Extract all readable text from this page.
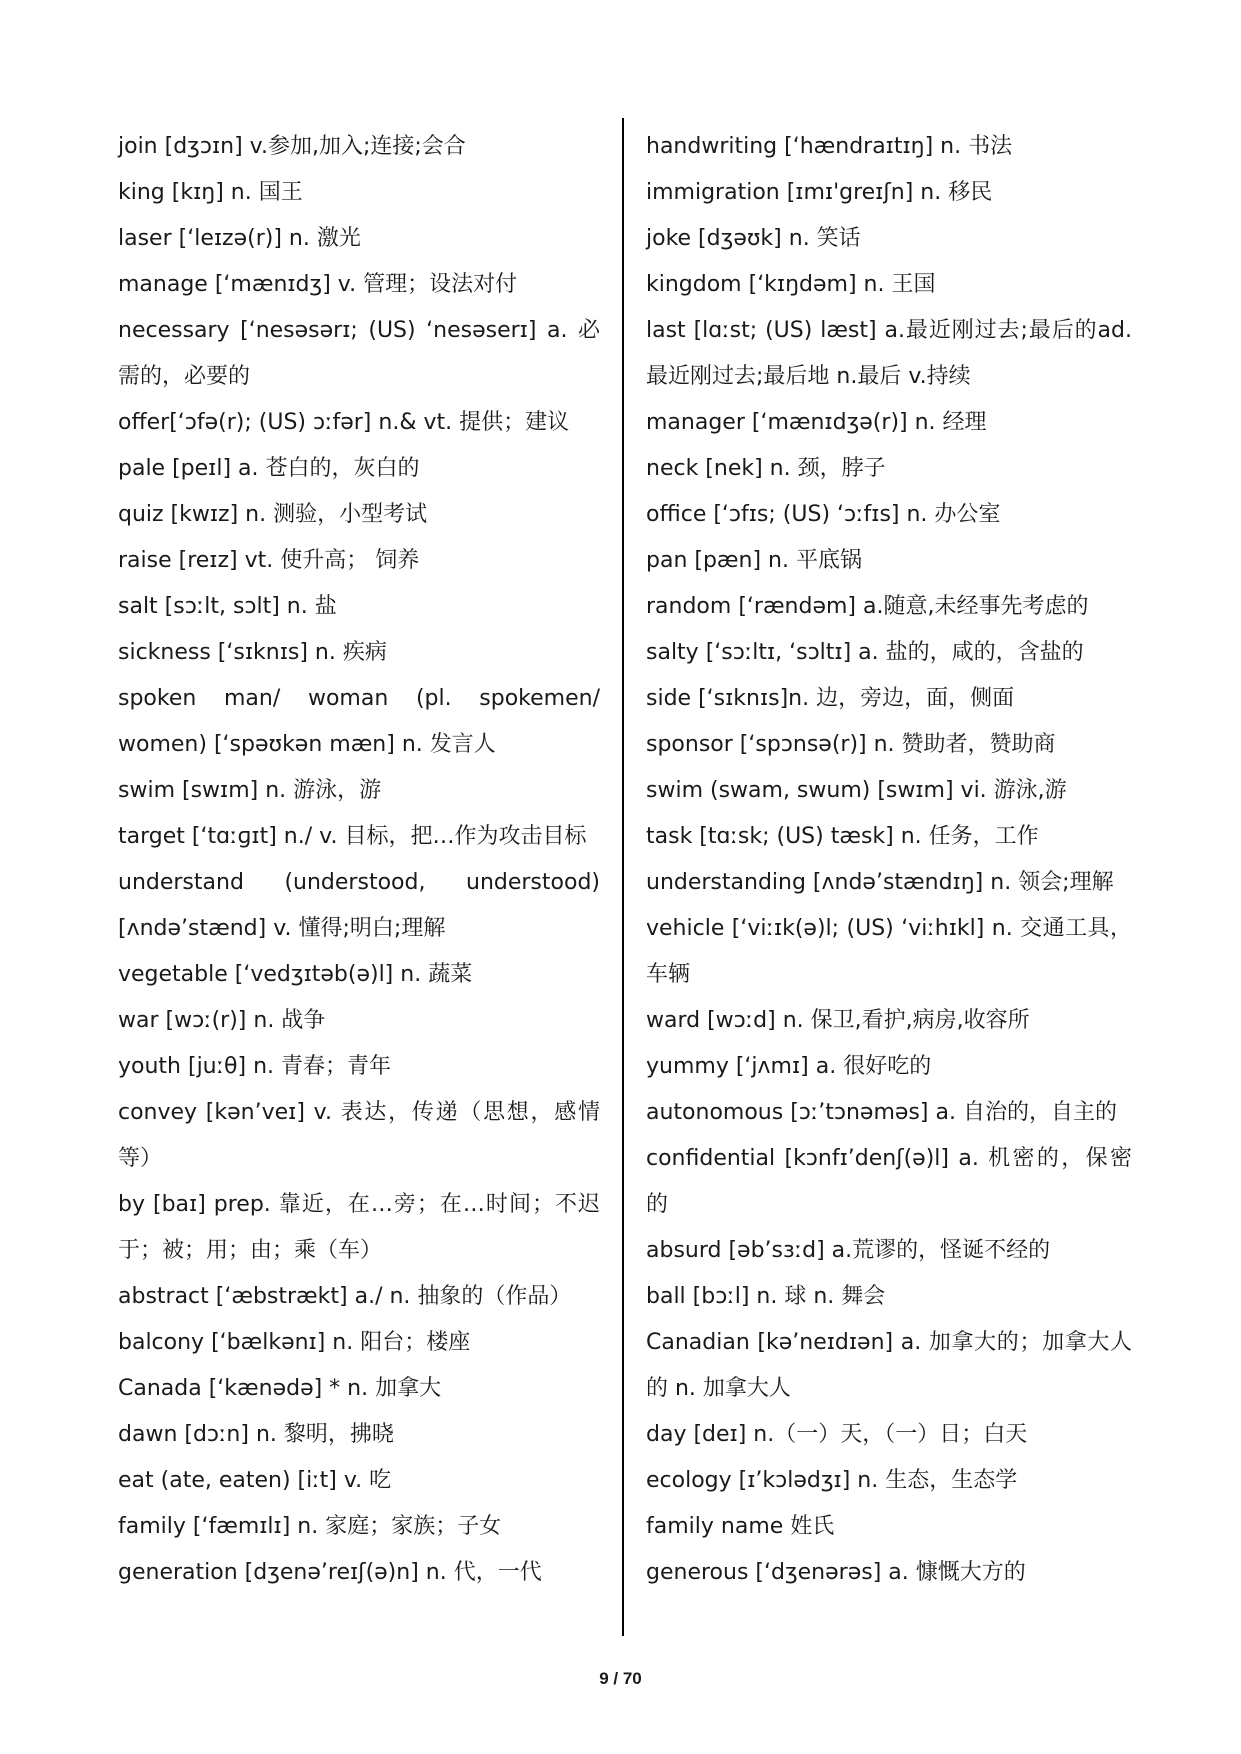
join [dʒɔɪn] v.参加,加入;连接;会合
king [kɪŋ] n. 国王
laser [‘leɪzə(r)] n. 激光
manage [‘mænɪdʒ] v. 管理；设法对付
necessary [‘nesəsərɪ; (US) ‘nesəserɪ] a. 必需的，必要的
offer[‘ɔfə(r); (US) ɔːfər] n.& vt. 提供；建议
pale [peɪl] a. 苍白的，灰白的
quiz [kwɪz] n. 测验，小型考试
raise [reɪz] vt. 使升高； 饲养
salt [sɔːlt, sɔlt] n. 盐
sickness [‘sɪknɪs] n. 疾病
spoken man/ woman (pl. spokemen/ women) [‘spəʊkən mæn] n. 发言人
swim [swɪm] n. 游泳，游
target [‘tɑːɡɪt] n./ v. 目标，把…作为攻击目标
understand (understood, understood) [ʌndə’stænd] v. 懂得;明白;理解
vegetable [‘vedʒɪtəb(ə)l] n. 蔬菜
war [wɔː(r)] n. 战争
youth [juːθ] n. 青春；青年
convey [kən’veɪ] v. 表达，传递（思想，感情等）
by [baɪ] prep. 靠近，在…旁；在…时间；不迟于；被；用；由；乘（车）
abstract [‘æbstrækt] a./ n. 抽象的（作品）
balcony [‘bælkənɪ] n. 阳台；楼座
Canada [‘kænədə] * n. 加拿大
dawn [dɔːn] n. 黎明，拂晓
eat (ate, eaten) [iːt] v. 吃
family [‘fæmɪlɪ] n. 家庭；家族；子女
generation [dʒenə’reɪʃ(ə)n] n. 代，一代
handwriting [‘hændraɪtɪŋ] n. 书法
immigration [ɪmɪ'greɪʃn] n. 移民
joke [dʒəʊk] n. 笑话
kingdom [‘kɪŋdəm] n. 王国
last [lɑːst; (US) læst] a.最近刚过去;最后的ad.最近刚过去;最后地 n.最后 v.持续
manager [‘mænɪdʒə(r)] n. 经理
neck [nek] n. 颈，脖子
office [‘ɔfɪs; (US) ‘ɔːfɪs] n. 办公室
pan [pæn] n. 平底锅
random [‘rændəm] a.随意,未经事先考虑的
salty [‘sɔːltɪ, ‘sɔltɪ] a. 盐的，咸的，含盐的
side [‘sɪknɪs]n. 边，旁边，面，侧面
sponsor [‘spɔnsə(r)] n. 赞助者，赞助商
swim (swam, swum) [swɪm] vi. 游泳,游
task [tɑːsk; (US) tæsk] n. 任务，工作
understanding [ʌndə’stændɪŋ] n. 领会;理解
vehicle [‘viːɪk(ə)l; (US) ‘viːhɪkl] n. 交通工具，车辆
ward [wɔːd] n. 保卫,看护,病房,收容所
yummy [‘jʌmɪ] a. 很好吃的
autonomous [ɔː’tɔnəməs] a. 自治的，自主的
confidential [kɔnfɪ’denʃ(ə)l] a. 机密的，保密的
absurd [əb’sɜːd] a.荒谬的，怪诞不经的
ball [bɔːl] n. 球 n. 舞会
Canadian [kə’neɪdɪən] a. 加拿大的；加拿大人的 n. 加拿大人
day [deɪ] n.（一）天，（一）日；白天
ecology [ɪ’kɔlədʒɪ] n. 生态，生态学
family name 姓氏
generous [‘dʒenərəs] a. 慷慨大方的
9 / 70
